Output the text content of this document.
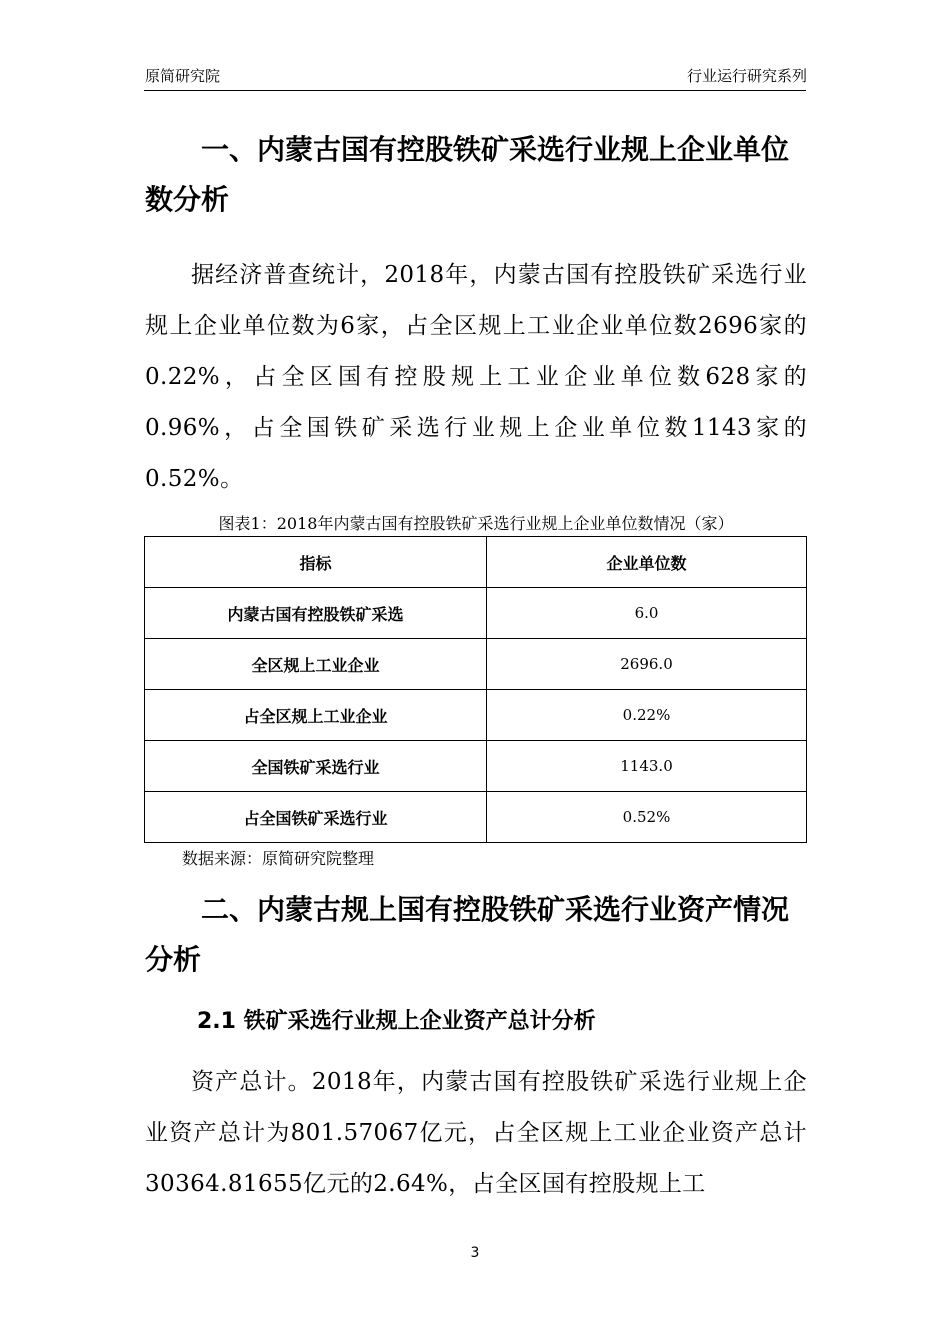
原简研究院	行业运行研究系列
一、内蒙古国有控股铁矿采选行业规上企业单位数分析

据经济普查统计，2018年，内蒙古国有控股铁矿采选行业规上企业单位数为6家，占全区规上工业企业单位数2696家的0.22%，占全区国有控股规上工业企业单位数628家的0.96%，占全国铁矿采选行业规上企业单位数1143家的0.52%。

图表1：2018年内蒙古国有控股铁矿采选行业规上企业单位数情况（家）
指标	企业单位数
内蒙古国有控股铁矿采选	6.0
全区规上工业企业	2696.0
占全区规上工业企业	0.22%
全国铁矿采选行业	1143.0
占全国铁矿采选行业	0.52%
数据来源：原简研究院整理
二、内蒙古规上国有控股铁矿采选行业资产情况分析
2.1 铁矿采选行业规上企业资产总计分析

资产总计。2018年，内蒙古国有控股铁矿采选行业规上企业资产总计为801.57067亿元，占全区规上工业企业资产总计30364.81655亿元的2.64%，占全区国有控股规上工

3
